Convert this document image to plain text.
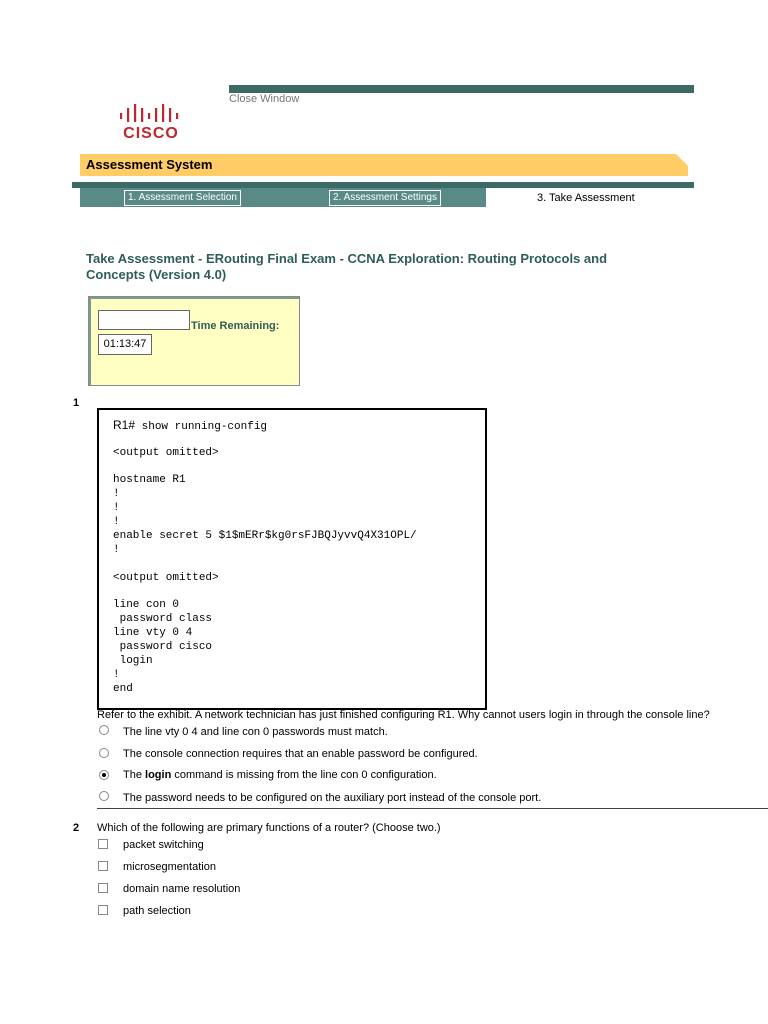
Close Window
CISCO
Assessment System
1. Assessment Selection	2. Assessment Settings	3. Take Assessment
Take Assessment - ERouting Final Exam - CCNA Exploration: Routing Protocols and Concepts (Version 4.0)
Time Remaining:
01:13:47
1
R1# show running-config
<output omitted>
hostname R1
!
!
!
enable secret 5 $1$mERr$kg0rsFJBQJyvvQ4X31OPL/
!
<output omitted>
line con 0
password class
line vty 0 4
password cisco
login
!
end
Refer to the exhibit. A network technician has just finished configuring R1. Why cannot users login in through the console line?
The line vty 0 4 and line con 0 passwords must match.
The console connection requires that an enable password be configured.
The login command is missing from the line con 0 configuration.
The password needs to be configured on the auxiliary port instead of the console port.
2 Which of the following are primary functions of a router? (Choose two.)
packet switching
microsegmentation
domain name resolution
path selection
